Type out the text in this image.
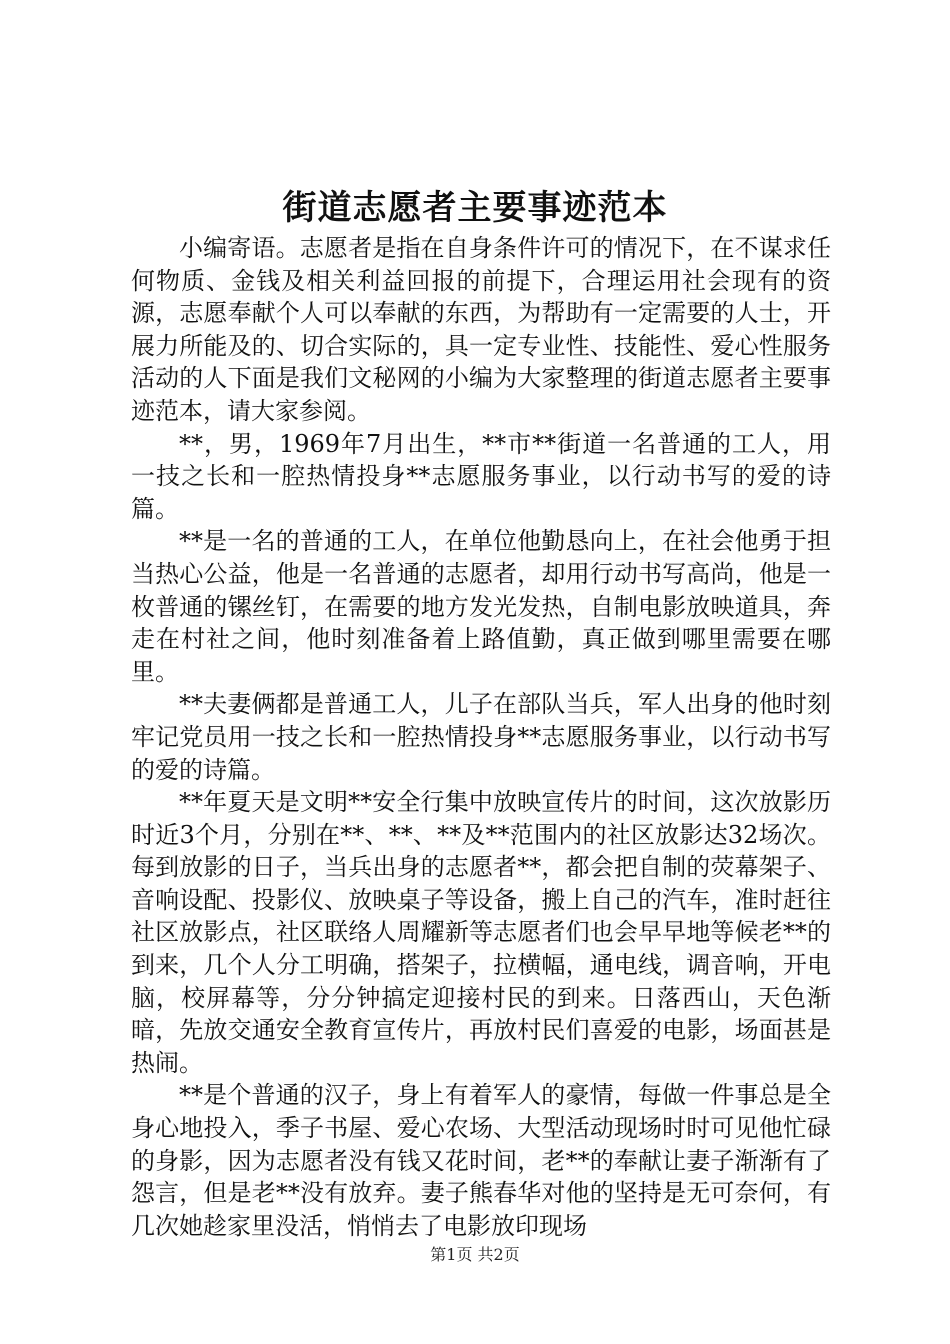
街道志愿者主要事迹范本

小编寄语。志愿者是指在自身条件许可的情况下，在不谋求任何物质、金钱及相关利益回报的前提下，合理运用社会现有的资源，志愿奉献个人可以奉献的东西，为帮助有一定需要的人士，开展力所能及的、切合实际的，具一定专业性、技能性、爱心性服务活动的人下面是我们文秘网的小编为大家整理的街道志愿者主要事迹范本，请大家参阅。

**，男，1969年7月出生，**市**街道一名普通的工人，用一技之长和一腔热情投身**志愿服务事业，以行动书写的爱的诗篇。

**是一名的普通的工人，在单位他勤恳向上，在社会他勇于担当热心公益，他是一名普通的志愿者，却用行动书写高尚，他是一枚普通的镙丝钉，在需要的地方发光发热，自制电影放映道具，奔走在村社之间，他时刻准备着上路值勤，真正做到哪里需要在哪里。

**夫妻俩都是普通工人，儿子在部队当兵，军人出身的他时刻牢记党员用一技之长和一腔热情投身**志愿服务事业，以行动书写的爱的诗篇。

**年夏天是文明**安全行集中放映宣传片的时间，这次放影历时近3个月，分别在**、**、**及**范围内的社区放影达32场次。每到放影的日子，当兵出身的志愿者**，都会把自制的荧幕架子、音响设配、投影仪、放映桌子等设备，搬上自己的汽车，准时赶往社区放影点，社区联络人周耀新等志愿者们也会早早地等候老**的到来，几个人分工明确，搭架子，拉横幅，通电线，调音响，开电脑，校屏幕等，分分钟搞定迎接村民的到来。日落西山，天色渐暗，先放交通安全教育宣传片，再放村民们喜爱的电影，场面甚是热闹。

**是个普通的汉子，身上有着军人的豪情，每做一件事总是全身心地投入，季子书屋、爱心农场、大型活动现场时时可见他忙碌的身影，因为志愿者没有钱又花时间，老**的奉献让妻子渐渐有了怨言，但是老**没有放弃。妻子熊春华对他的坚持是无可奈何，有几次她趁家里没活，悄悄去了电影放印现场

第1页 共2页
